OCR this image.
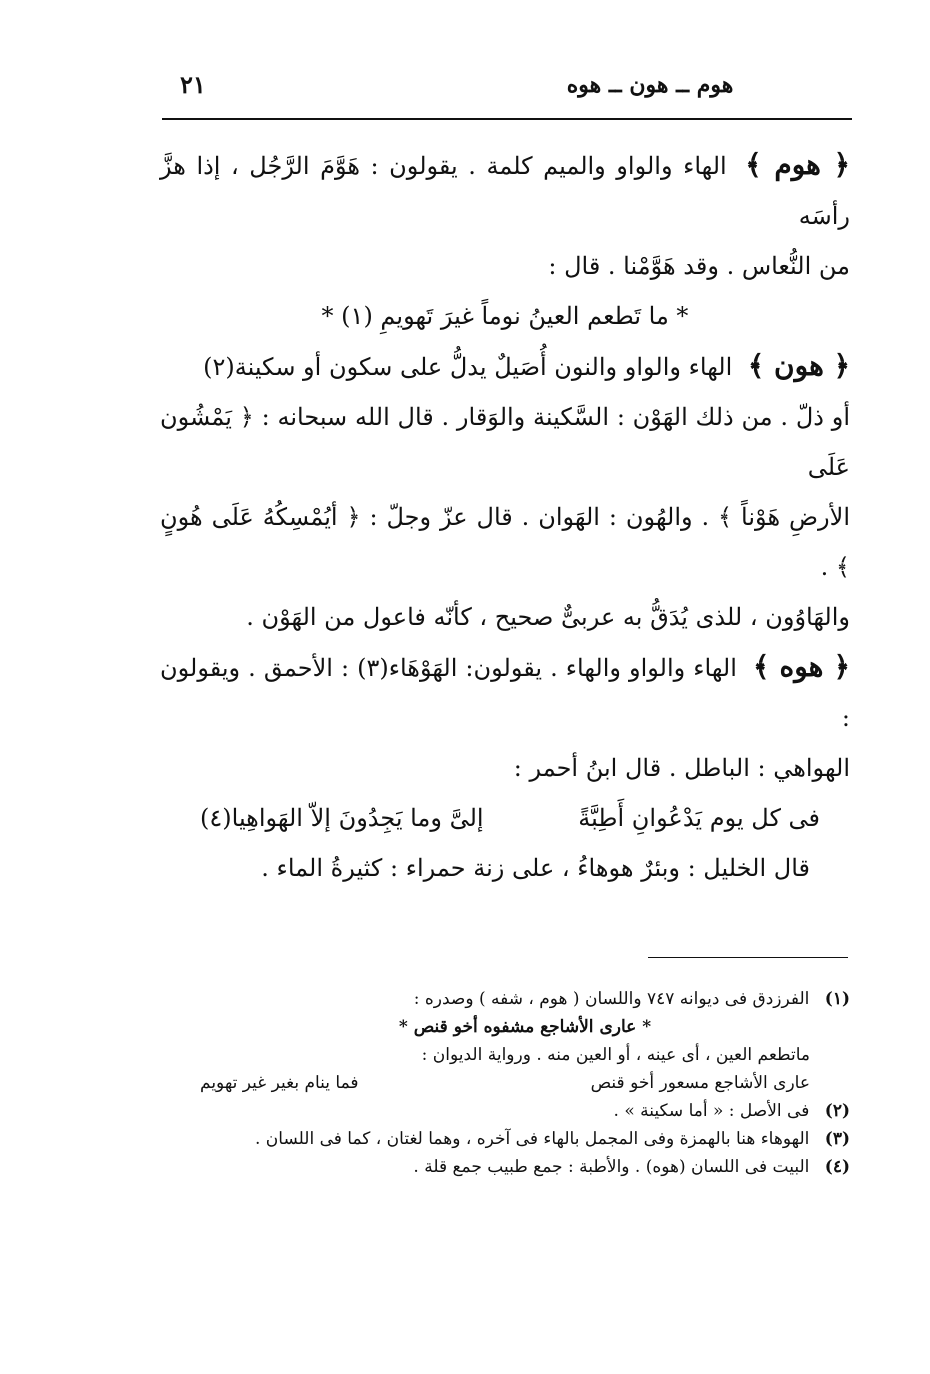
٢١	هوم ــ هون ــ هوه

﴿ هوم ﴾ الهاء والواو والميم كلمة . يقولون : هَوَّمَ الرَّجُل ، إذا هزَّ رأسَه

من النُّعاس . وقد هَوَّمْنا . قال :

* ما تَطعم العينُ نوماً غيرَ تَهويمِ (١) *

﴿ هون ﴾ الهاء والواو والنون أُصَيلٌ يدلُّ على سكون أو سكينة(٢)

أو ذلّ . من ذلك الهَوْن : السَّكينة والوَقار . قال الله سبحانه : ﴿ يَمْشُون عَلَى

الأرضِ هَوْناً ﴾ . والهُون : الهَوان . قال عزّ وجلّ : ﴿ أيُمْسِكُهُ عَلَى هُونٍ ﴾ .

والهَاوُون ، للذى يُدَقُّ به عربىٌّ صحيح ، كأنّه فاعول من الهَوْن .

﴿ هوه ﴾ الهاء والواو والهاء . يقولون: الهَوْهَاء(٣) : الأحمق . ويقولون :

الهواهي : الباطل . قال ابنُ أحمر :

فى كل يوم يَدْعُوانِ أَطِبَّةً
إلىَّ وما يَجِدُونَ إلاّ الهَواهِيا(٤)

قال الخليل : وبئرٌ هوهاءُ ، على زنة حمراء : كثيرةُ الماء .

(١) الفرزدق فى ديوانه ٧٤٧ واللسان ( هوم ، شفه ) وصدره :

* عارى الأشاجع مشفوه أخو قنص *

ماتطعم العين ، أى عينه ، أو العين منه . ورواية الديوان :

عارى الأشاجع مسعور أخو قنص
فما ينام بغير غير تهويم

(٢) فى الأصل : « أما سكينة » .

(٣) الهوهاء هنا بالهمزة وفى المجمل بالهاء فى آخره ، وهما لغتان ، كما فى اللسان .

(٤) البيت فى اللسان (هوه) . والأطبة : جمع طبيب جمع قلة .
